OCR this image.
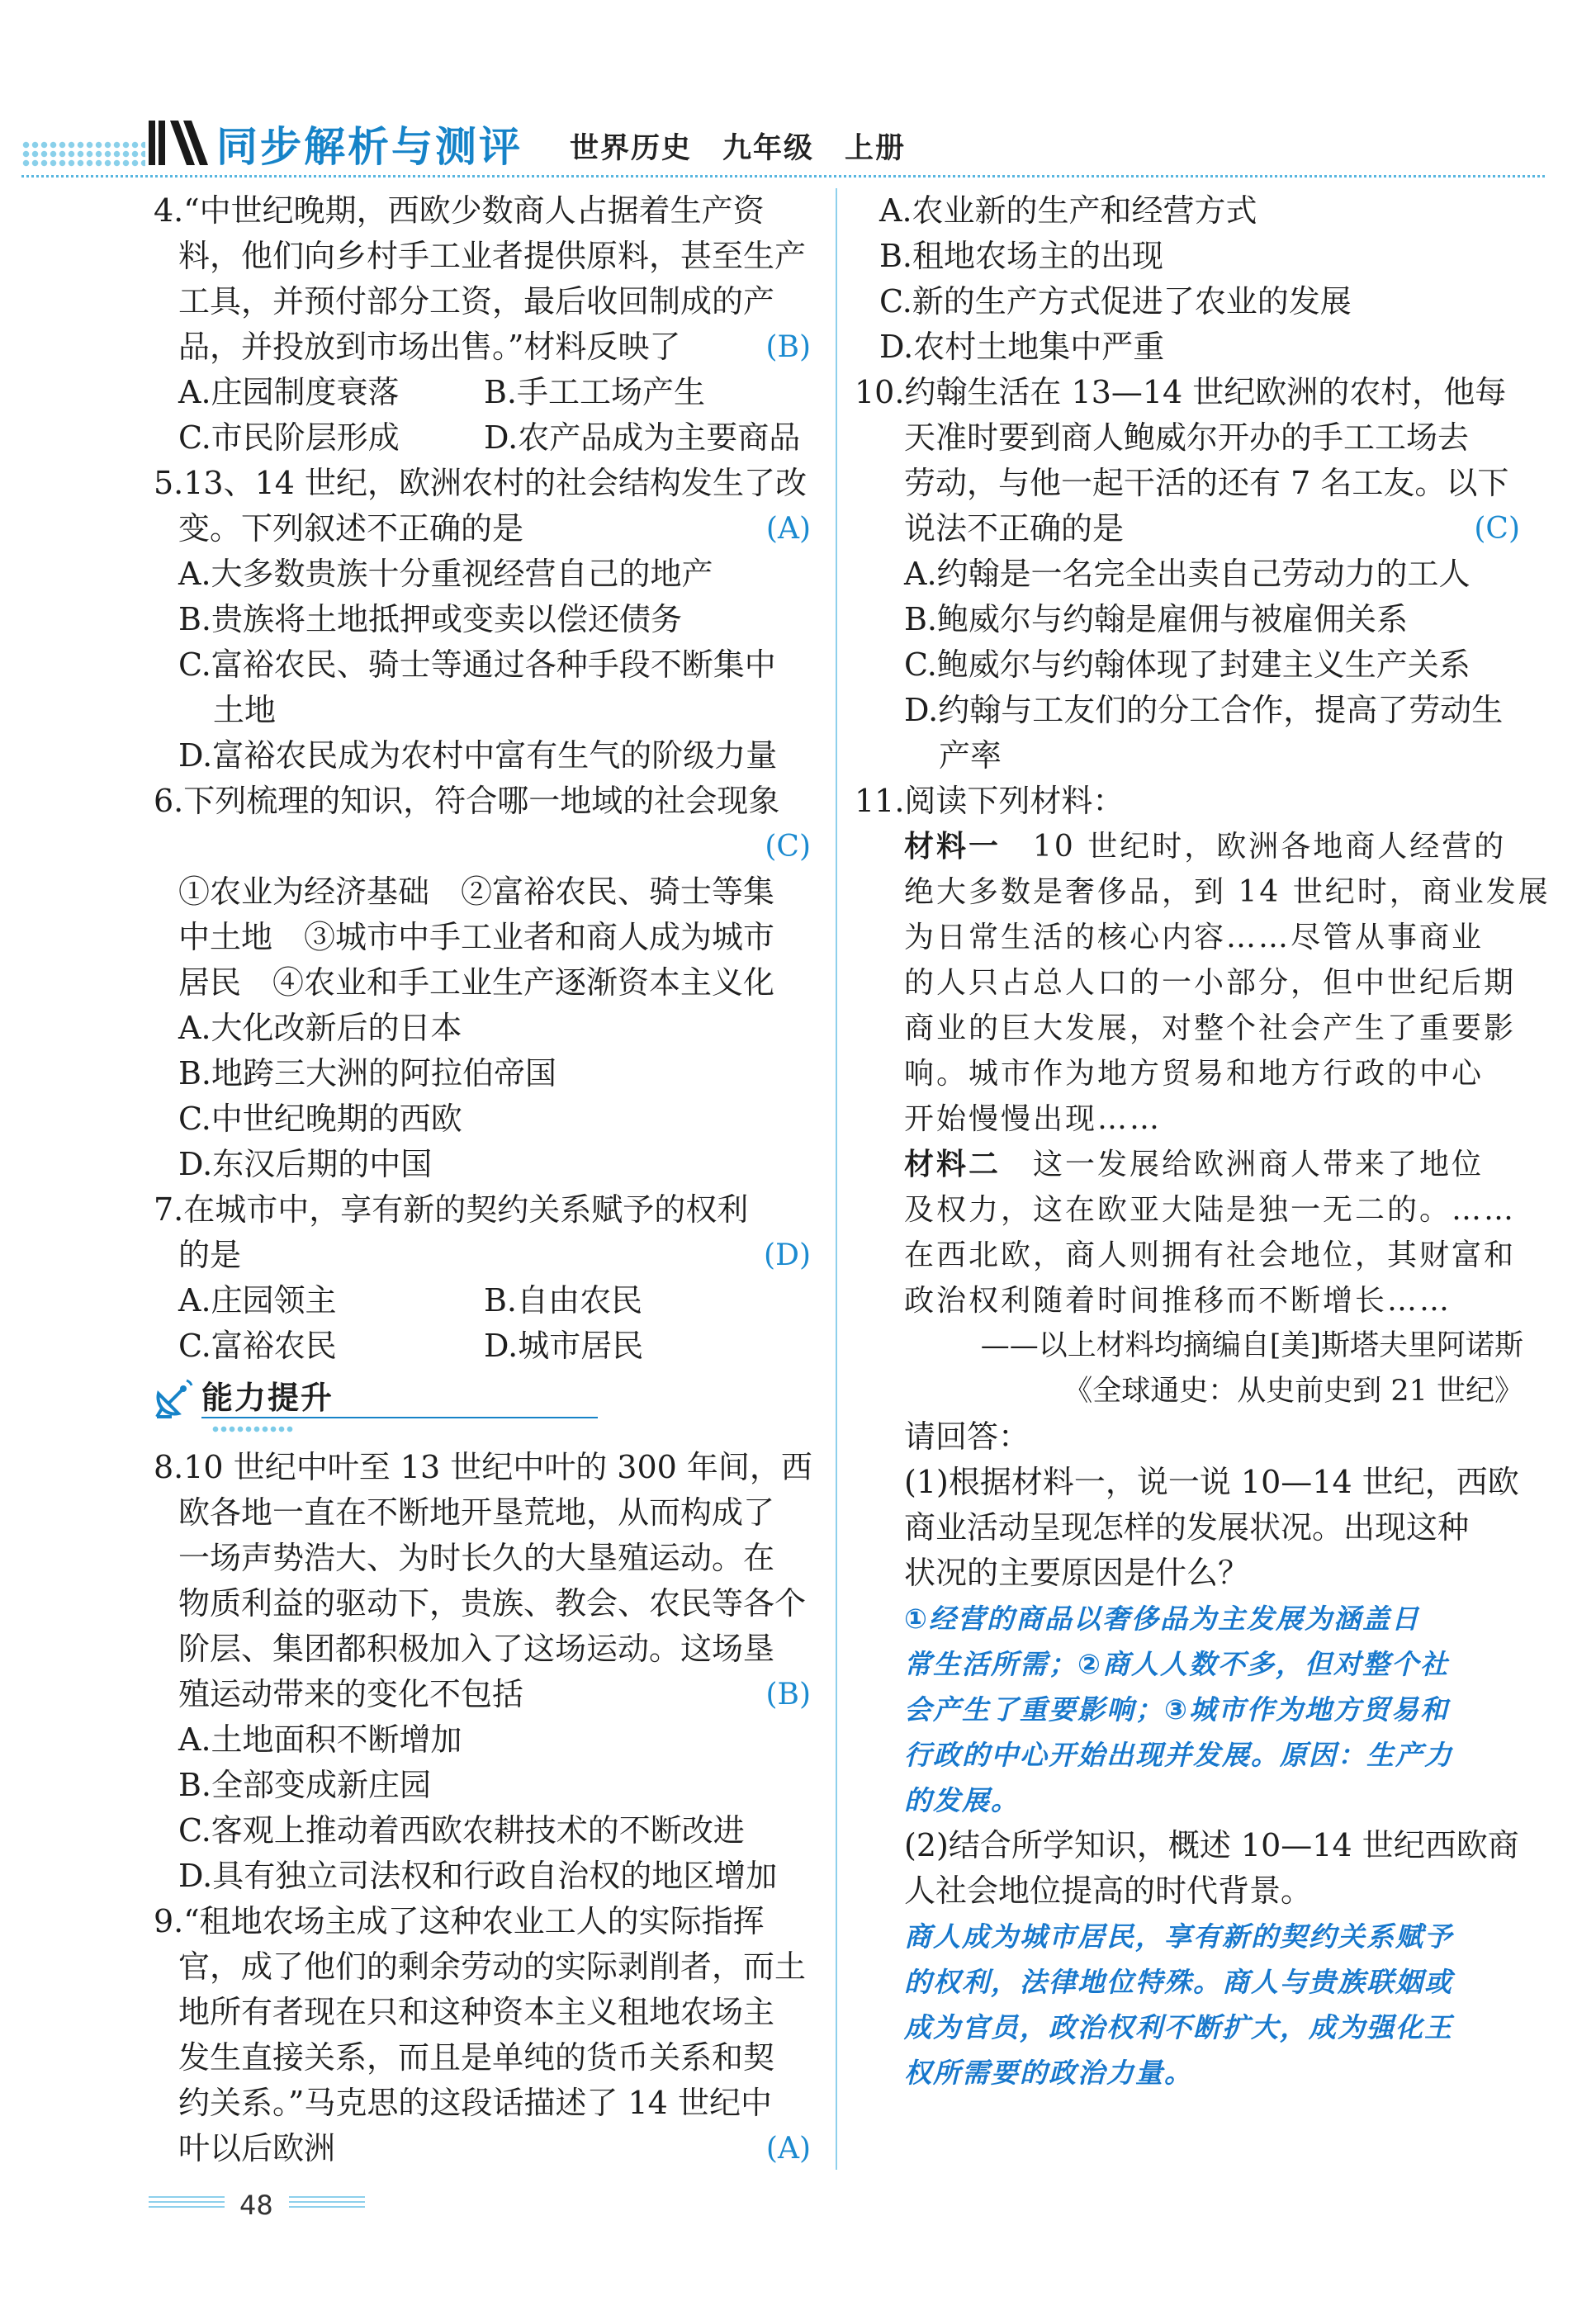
同步解析与测评 世界历史　九年级　上册
4.“中世纪晚期，西欧少数商人占据着生产资
料，他们向乡村手工业者提供原料，甚至生产
工具，并预付部分工资，最后收回制成的产
品，并投放到市场出售。”材料反映了	(B)
A.庄园制度衰落	B.手工工场产生
C.市民阶层形成	D.农产品成为主要商品
5.13、14 世纪，欧洲农村的社会结构发生了改
变。下列叙述不正确的是	(A)
A.大多数贵族十分重视经营自己的地产
B.贵族将土地抵押或变卖以偿还债务
C.富裕农民、骑士等通过各种手段不断集中
土地
D.富裕农民成为农村中富有生气的阶级力量
6.下列梳理的知识，符合哪一地域的社会现象
(C)
①农业为经济基础　②富裕农民、骑士等集
中土地　③城市中手工业者和商人成为城市
居民　④农业和手工业生产逐渐资本主义化
A.大化改新后的日本
B.地跨三大洲的阿拉伯帝国
C.中世纪晚期的西欧
D.东汉后期的中国
7.在城市中，享有新的契约关系赋予的权利
的是	(D)
A.庄园领主	B.自由农民
C.富裕农民	D.城市居民
能力提升
8.10 世纪中叶至 13 世纪中叶的 300 年间，西
欧各地一直在不断地开垦荒地，从而构成了
一场声势浩大、为时长久的大垦殖运动。在
物质利益的驱动下，贵族、教会、农民等各个
阶层、集团都积极加入了这场运动。这场垦
殖运动带来的变化不包括	(B)
A.土地面积不断增加
B.全部变成新庄园
C.客观上推动着西欧农耕技术的不断改进
D.具有独立司法权和行政自治权的地区增加
9.“租地农场主成了这种农业工人的实际指挥
官，成了他们的剩余劳动的实际剥削者，而土
地所有者现在只和这种资本主义租地农场主
发生直接关系，而且是单纯的货币关系和契
约关系。”马克思的这段话描述了 14 世纪中
叶以后欧洲	(A)
A.农业新的生产和经营方式
B.租地农场主的出现
C.新的生产方式促进了农业的发展
D.农村土地集中严重
10.约翰生活在 13—14 世纪欧洲的农村，他每
天准时要到商人鲍威尔开办的手工工场去
劳动，与他一起干活的还有 7 名工友。以下
说法不正确的是	(C)
A.约翰是一名完全出卖自己劳动力的工人
B.鲍威尔与约翰是雇佣与被雇佣关系
C.鲍威尔与约翰体现了封建主义生产关系
D.约翰与工友们的分工合作，提高了劳动生
产率
11.阅读下列材料：
材料一　10 世纪时，欧洲各地商人经营的
绝大多数是奢侈品，到 14 世纪时，商业发展
为日常生活的核心内容……尽管从事商业
的人只占总人口的一小部分，但中世纪后期
商业的巨大发展，对整个社会产生了重要影
响。城市作为地方贸易和地方行政的中心
开始慢慢出现……
材料二　这一发展给欧洲商人带来了地位
及权力，这在欧亚大陆是独一无二的。……
在西北欧，商人则拥有社会地位，其财富和
政治权利随着时间推移而不断增长……
——以上材料均摘编自[美]斯塔夫里阿诺斯
《全球通史：从史前史到 21 世纪》
请回答：
(1)根据材料一，说一说 10—14 世纪，西欧
商业活动呈现怎样的发展状况。出现这种
状况的主要原因是什么？
①经营的商品以奢侈品为主发展为涵盖日
常生活所需；②商人人数不多，但对整个社
会产生了重要影响；③城市作为地方贸易和
行政的中心开始出现并发展。原因：生产力
的发展。
(2)结合所学知识，概述 10—14 世纪西欧商
人社会地位提高的时代背景。
商人成为城市居民，享有新的契约关系赋予
的权利，法律地位特殊。商人与贵族联姻或
成为官员，政治权利不断扩大，成为强化王
权所需要的政治力量。
48
